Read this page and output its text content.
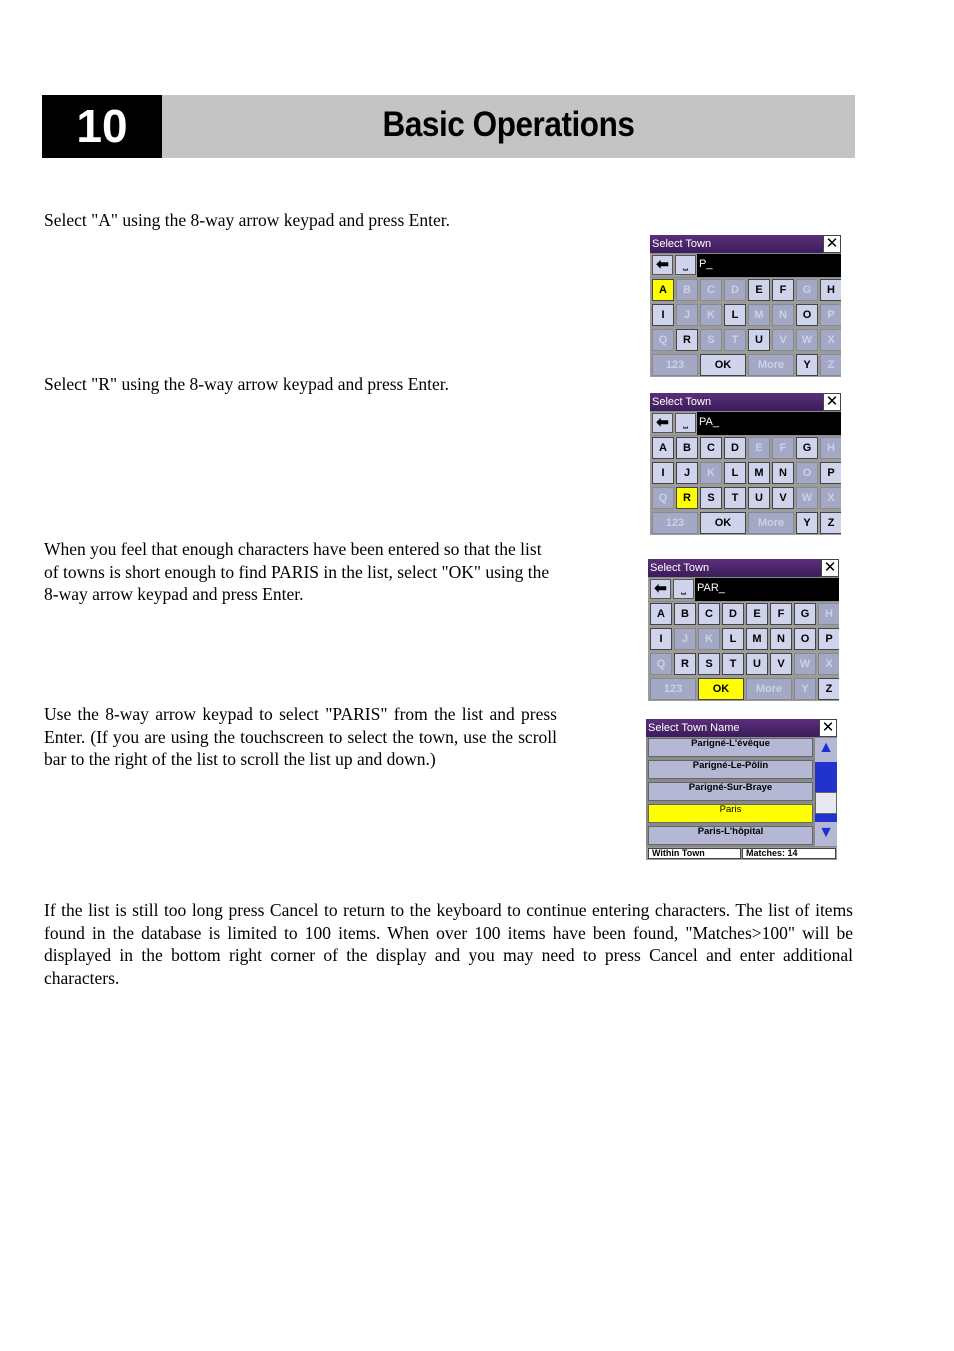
10	Basic Operations
Select "A" using the 8-way arrow keypad and press Enter.
Select "R" using the 8-way arrow keypad and press Enter.
When you feel that enough characters have been entered so that the list of towns is short enough to find PARIS in the list, select "OK" using the 8-way arrow keypad and press Enter.
Use the 8-way arrow keypad to select "PARIS" from the list and press Enter. (If you are using the touchscreen to select the town, use the scroll bar to the right of the list to scroll the list up and down.)
If the list is still too long press Cancel to return to the keyboard to continue entering characters. The list of items found in the database is limited to 100 items. When over 100 items have been found, "Matches>100" will be displayed in the bottom right corner of the display and you may need to press Cancel and enter additional characters.
Select Town	✕
⬅	⎵	P_
A	B	C	D	E	F	G	H
I	J	K	L	M	N	O	P
Q	R	S	T	U	V	W	X
123	OK	More	Y	Z
Select Town	✕
⬅	⎵	PA_
A	B	C	D	E	F	G	H
I	J	K	L	M	N	O	P
Q	R	S	T	U	V	W	X
123	OK	More	Y	Z
Select Town	✕
⬅	⎵	PAR_
A	B	C	D	E	F	G	H
I	J	K	L	M	N	O	P
Q	R	S	T	U	V	W	X
123	OK	More	Y	Z
Select Town Name	✕
Parigné-L'évêque
Parigné-Le-Pôlin
Parigné-Sur-Braye
Paris
Paris-L'hôpital
▲
▼
Within Town	Matches: 14
